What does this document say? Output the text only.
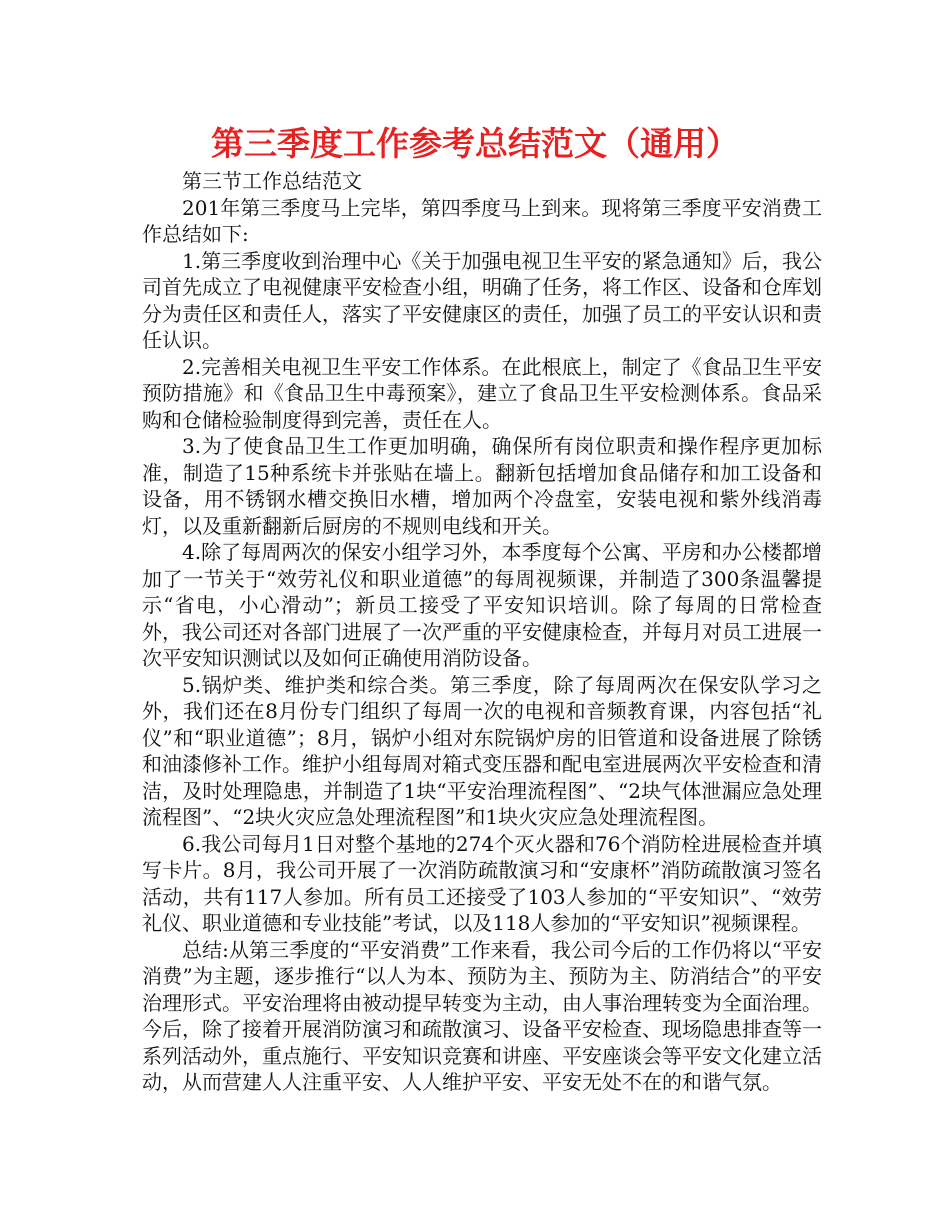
第三季度工作参考总结范文（通用）

第三节工作总结范文

201年第三季度马上完毕，第四季度马上到来。现将第三季度平安消费工作总结如下:

1.第三季度收到治理中心《关于加强电视卫生平安的紧急通知》后，我公司首先成立了电视健康平安检查小组，明确了任务，将工作区、设备和仓库划分为责任区和责任人，落实了平安健康区的责任，加强了员工的平安认识和责任认识。

2.完善相关电视卫生平安工作体系。在此根底上，制定了《食品卫生平安预防措施》和《食品卫生中毒预案》，建立了食品卫生平安检测体系。食品采购和仓储检验制度得到完善，责任在人。

3.为了使食品卫生工作更加明确，确保所有岗位职责和操作程序更加标准，制造了15种系统卡并张贴在墙上。翻新包括增加食品储存和加工设备和设备，用不锈钢水槽交换旧水槽，增加两个冷盘室，安装电视和紫外线消毒灯，以及重新翻新后厨房的不规则电线和开关。

4.除了每周两次的保安小组学习外，本季度每个公寓、平房和办公楼都增加了一节关于“效劳礼仪和职业道德”的每周视频课，并制造了300条温馨提示“省电，小心滑动”；新员工接受了平安知识培训。除了每周的日常检查外，我公司还对各部门进展了一次严重的平安健康检查，并每月对员工进展一次平安知识测试以及如何正确使用消防设备。

5.锅炉类、维护类和综合类。第三季度，除了每周两次在保安队学习之外，我们还在8月份专门组织了每周一次的电视和音频教育课，内容包括“礼仪”和“职业道德”；8月，锅炉小组对东院锅炉房的旧管道和设备进展了除锈和油漆修补工作。维护小组每周对箱式变压器和配电室进展两次平安检查和清洁，及时处理隐患，并制造了1块“平安治理流程图”、“2块气体泄漏应急处理流程图”、“2块火灾应急处理流程图”和1块火灾应急处理流程图。

6.我公司每月1日对整个基地的274个灭火器和76个消防栓进展检查并填写卡片。8月，我公司开展了一次消防疏散演习和“安康杯”消防疏散演习签名活动，共有117人参加。所有员工还接受了103人参加的“平安知识”、“效劳礼仪、职业道德和专业技能”考试，以及118人参加的“平安知识”视频课程。

总结:从第三季度的“平安消费”工作来看，我公司今后的工作仍将以“平安消费”为主题，逐步推行“以人为本、预防为主、预防为主、防消结合”的平安治理形式。平安治理将由被动提早转变为主动，由人事治理转变为全面治理。今后，除了接着开展消防演习和疏散演习、设备平安检查、现场隐患排查等一系列活动外，重点施行、平安知识竞赛和讲座、平安座谈会等平安文化建立活动，从而营建人人注重平安、人人维护平安、平安无处不在的和谐气氛。
